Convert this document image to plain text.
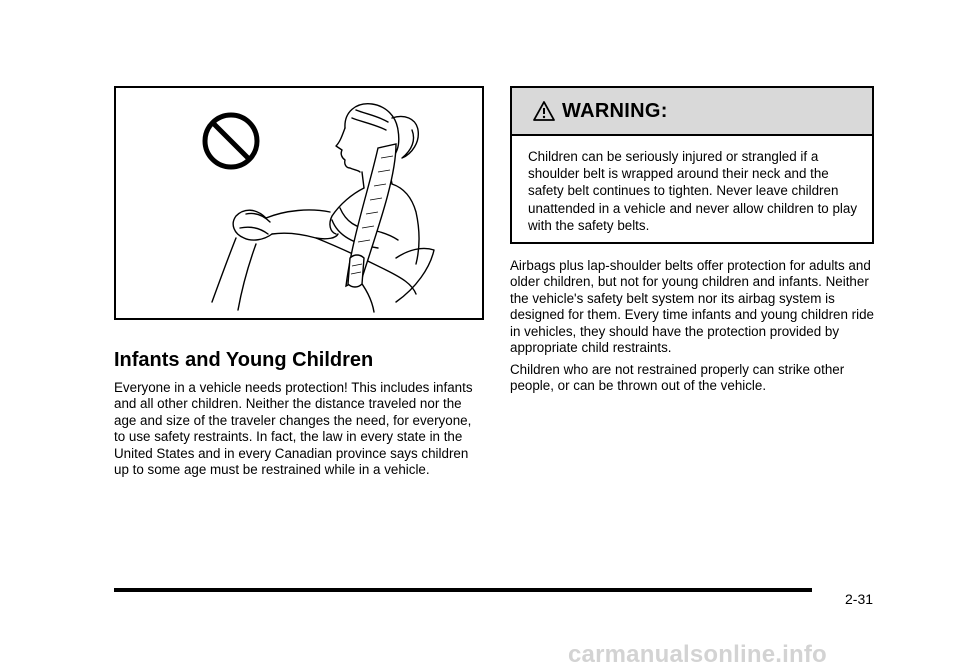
Infants and Young Children

Everyone in a vehicle needs protection! This includes infants and all other children. Neither the distance traveled nor the age and size of the traveler changes the need, for everyone, to use safety restraints. In fact, the law in every state in the United States and in every Canadian province says children up to some age must be restrained while in a vehicle.

WARNING:
Children can be seriously injured or strangled if a shoulder belt is wrapped around their neck and the safety belt continues to tighten. Never leave children unattended in a vehicle and never allow children to play with the safety belts.

Airbags plus lap-shoulder belts offer protection for adults and older children, but not for young children and infants. Neither the vehicle's safety belt system nor its airbag system is designed for them. Every time infants and young children ride in vehicles, they should have the protection provided by appropriate child restraints.

Children who are not restrained properly can strike other people, or can be thrown out of the vehicle.

2-31
carmanualsonline.info
